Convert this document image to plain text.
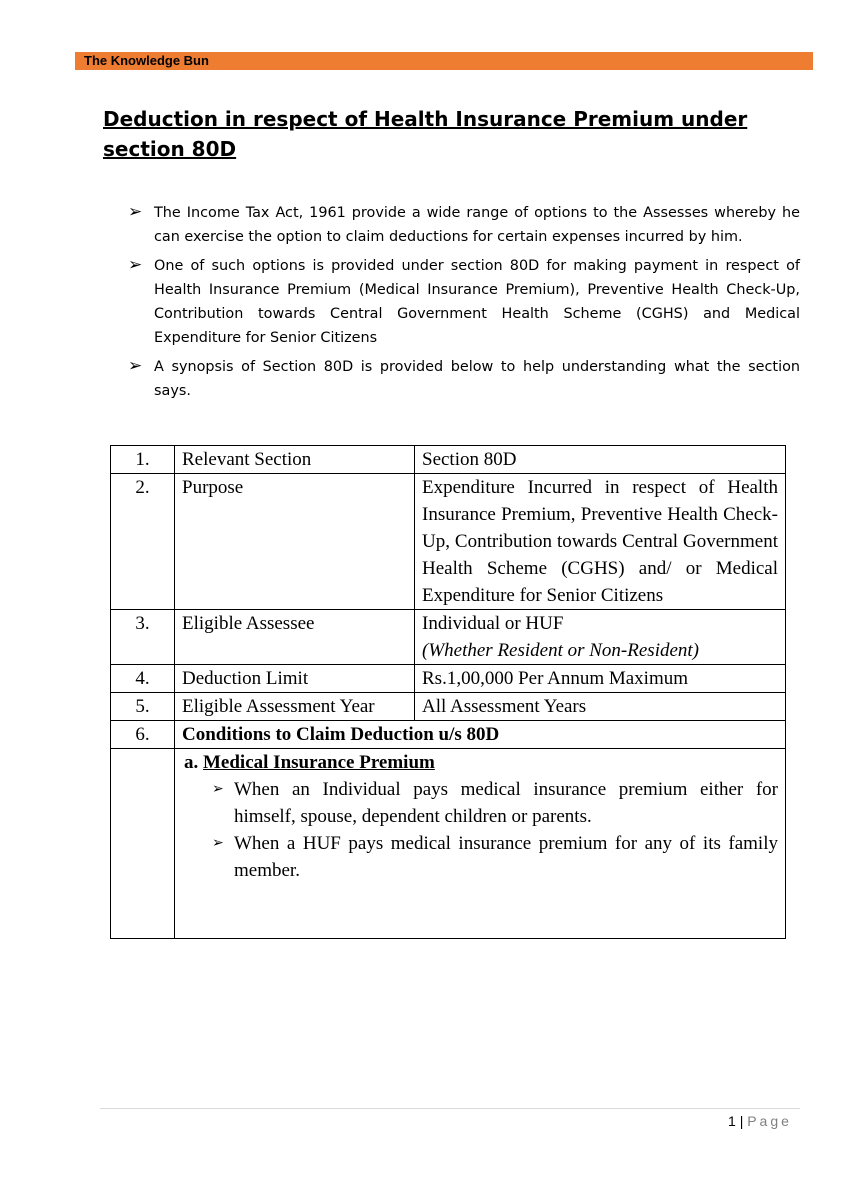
The Knowledge Bun
Deduction in respect of Health Insurance Premium under section 80D
➢ The Income Tax Act, 1961 provide a wide range of options to the Assesses whereby he can exercise the option to claim deductions for certain expenses incurred by him.
➢ One of such options is provided under section 80D for making payment in respect of Health Insurance Premium (Medical Insurance Premium), Preventive Health Check-Up, Contribution towards Central Government Health Scheme (CGHS) and Medical Expenditure for Senior Citizens
➢ A synopsis of Section 80D is provided below to help understanding what the section says.
1.	Relevant Section	Section 80D
2.	Purpose	Expenditure Incurred in respect of Health Insurance Premium, Preventive Health Check-Up, Contribution towards Central Government Health Scheme (CGHS) and/ or Medical Expenditure for Senior Citizens
3.	Eligible Assessee	Individual or HUF
(Whether Resident or Non-Resident)

4.	Deduction Limit	Rs.1,00,000 Per Annum Maximum
5.	Eligible Assessment Year	All Assessment Years
6.	Conditions to Claim Deduction u/s 80D	

	a. Medical Insurance Premium
➢ When an Individual pays medical insurance premium either for himself, spouse, dependent children or parents.
➢ When a HUF pays medical insurance premium for any of its family member.	
1 | Page
